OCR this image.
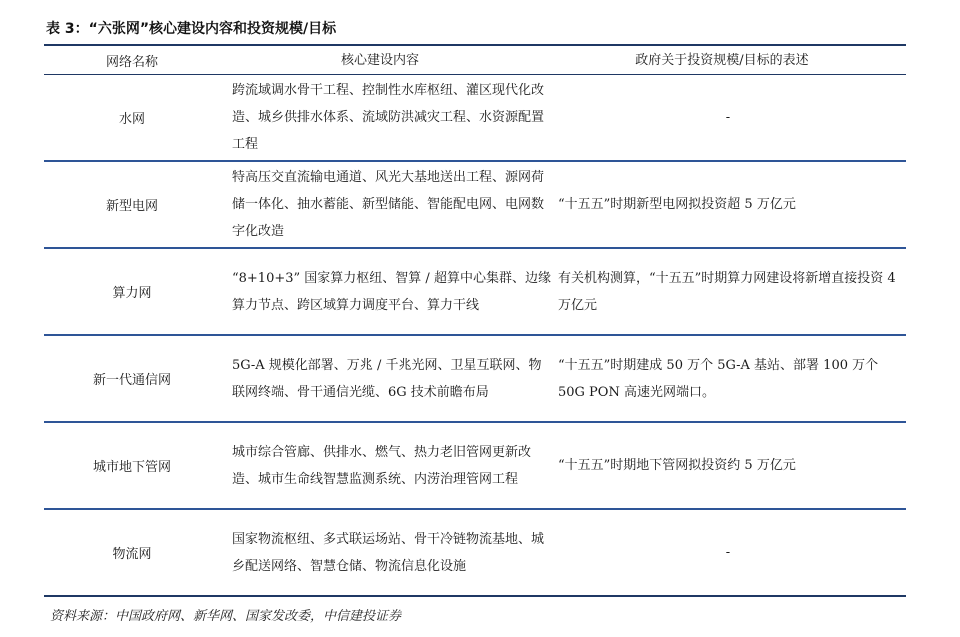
表 3：“六张网”核心建设内容和投资规模/目标
网络名称	核心建设内容	政府关于投资规模/目标的表述
水网
跨流域调水骨干工程、控制性水库枢纽、灌区现代化改造、城乡供排水体系、流域防洪减灾工程、水资源配置工程
-
新型电网
特高压交直流输电通道、风光大基地送出工程、源网荷储一体化、抽水蓄能、新型储能、智能配电网、电网数字化改造
“十五五”时期新型电网拟投资超 5 万亿元
算力网
“8+10+3” 国家算力枢纽、智算 / 超算中心集群、边缘算力节点、跨区域算力调度平台、算力干线
有关机构测算，“十五五”时期算力网建设将新增直接投资 4 万亿元
新一代通信网
5G-A 规模化部署、万兆 / 千兆光网、卫星互联网、物联网终端、骨干通信光缆、6G 技术前瞻布局
“十五五”时期建成 50 万个 5G-A 基站、部署 100 万个 50G PON 高速光网端口。
城市地下管网
城市综合管廊、供排水、燃气、热力老旧管网更新改造、城市生命线智慧监测系统、内涝治理管网工程
“十五五”时期地下管网拟投资约 5 万亿元
物流网
国家物流枢纽、多式联运场站、骨干冷链物流基地、城乡配送网络、智慧仓储、物流信息化设施
-
资料来源：中国政府网、新华网、国家发改委，中信建投证券
